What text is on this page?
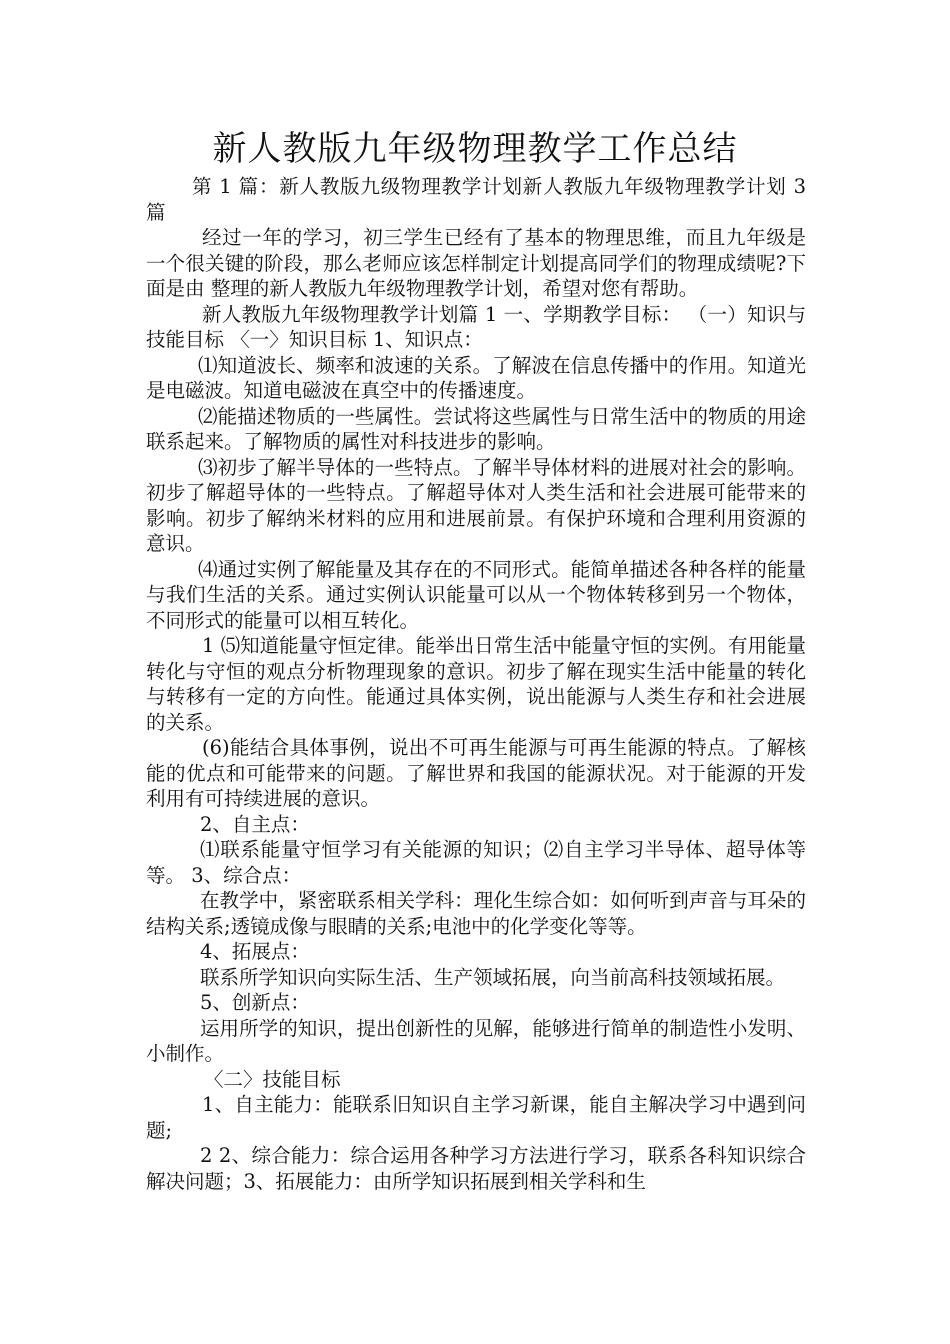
新人教版九年级物理教学工作总结

第 1 篇：新人教版九级物理教学计划新人教版九年级物理教学计划 3 篇

经过一年的学习，初三学生已经有了基本的物理思维，而且九年级是一个很关键的阶段，那么老师应该怎样制定计划提高同学们的物理成绩呢?下面是由 整理的新人教版九年级物理教学计划，希望对您有帮助。

新人教版九年级物理教学计划篇 1 一、学期教学目标： （一）知识与技能目标 〈一〉知识目标 1、知识点：

⑴知道波长、频率和波速的关系。了解波在信息传播中的作用。知道光是电磁波。知道电磁波在真空中的传播速度。

⑵能描述物质的一些属性。尝试将这些属性与日常生活中的物质的用途联系起来。了解物质的属性对科技进步的影响。

⑶初步了解半导体的一些特点。了解半导体材料的进展对社会的影响。初步了解超导体的一些特点。了解超导体对人类生活和社会进展可能带来的影响。初步了解纳米材料的应用和进展前景。有保护环境和合理利用资源的意识。

⑷通过实例了解能量及其存在的不同形式。能简单描述各种各样的能量与我们生活的关系。通过实例认识能量可以从一个物体转移到另一个物体，不同形式的能量可以相互转化。

1 ⑸知道能量守恒定律。能举出日常生活中能量守恒的实例。有用能量转化与守恒的观点分析物理现象的意识。初步了解在现实生活中能量的转化与转移有一定的方向性。能通过具体实例，说出能源与人类生存和社会进展的关系。

(6)能结合具体事例，说出不可再生能源与可再生能源的特点。了解核能的优点和可能带来的问题。了解世界和我国的能源状况。对于能源的开发利用有可持续进展的意识。

2、自主点：

⑴联系能量守恒学习有关能源的知识；⑵自主学习半导体、超导体等等。 3、综合点：

在教学中，紧密联系相关学科：理化生综合如：如何听到声音与耳朵的结构关系;透镜成像与眼睛的关系;电池中的化学变化等等。

4、拓展点：

联系所学知识向实际生活、生产领域拓展，向当前高科技领域拓展。

5、创新点：

运用所学的知识，提出创新性的见解，能够进行简单的制造性小发明、小制作。

〈二〉技能目标

1、自主能力：能联系旧知识自主学习新课，能自主解决学习中遇到问题;

2 2、综合能力：综合运用各种学习方法进行学习，联系各科知识综合解决问题；3、拓展能力：由所学知识拓展到相关学科和生
